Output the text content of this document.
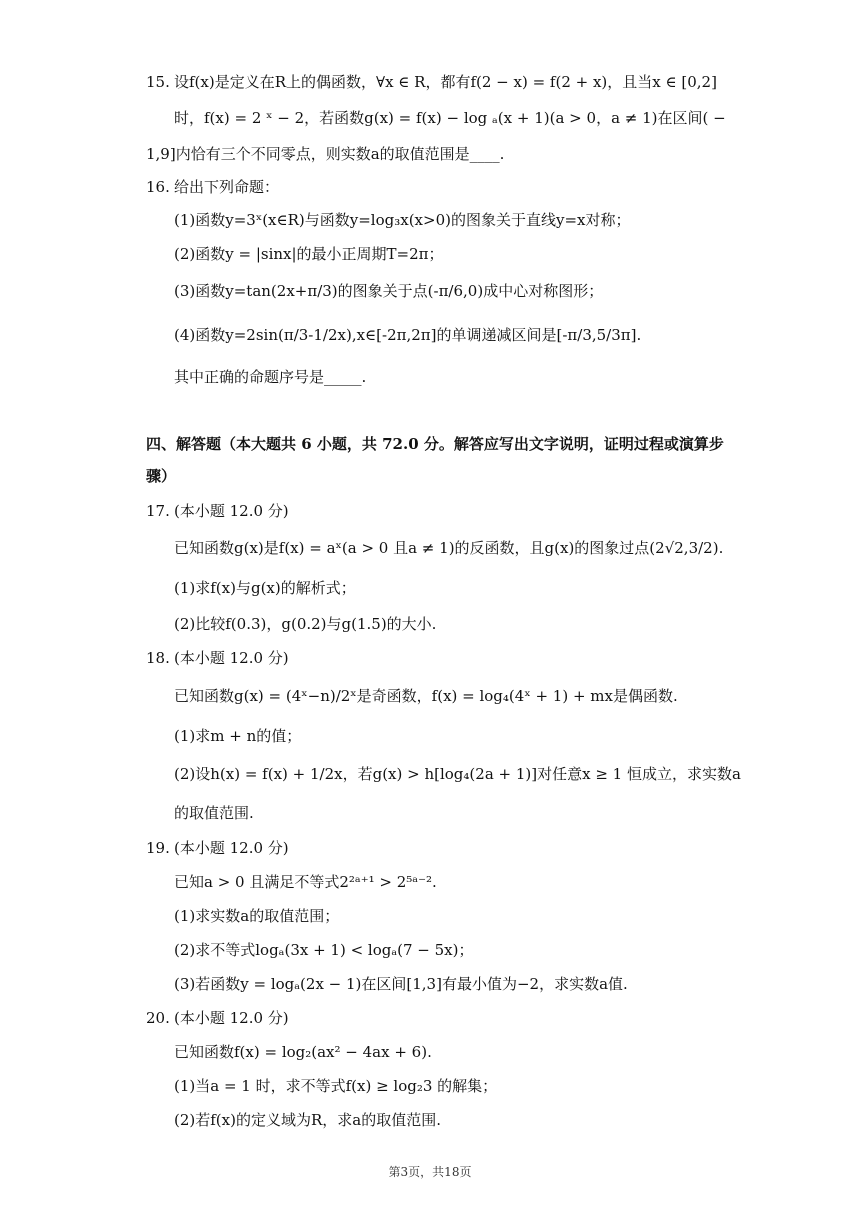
15. 设f(x)是定义在R上的偶函数，∀x ∈ R，都有f(2 − x) = f(2 + x)，且当x ∈ [0,2]
时，f(x) = 2 ˣ − 2，若函数g(x) = f(x) − log ₐ(x + 1)(a > 0，a ≠ 1)在区间( −
1,9]内恰有三个不同零点，则实数a的取值范围是____.
16. 给出下列命题：
(1)函数y=3ˣ(x∈R)与函数y=log₃x(x>0)的图象关于直线y=x对称；
(2)函数y = |sinx|的最小正周期T=2π；
(3)函数y=tan(2x+π/3)的图象关于点(-π/6,0)成中心对称图形；
(4)函数y=2sin(π/3-1/2x),x∈[-2π,2π]的单调递减区间是[-π/3,5/3π].
其中正确的命题序号是_____.
四、解答题（本大题共 6 小题，共 72.0 分。解答应写出文字说明，证明过程或演算步
骤）
17. (本小题 12.0 分)
已知函数g(x)是f(x) = aˣ(a > 0 且a ≠ 1)的反函数，且g(x)的图象过点(2√2,3/2).
(1)求f(x)与g(x)的解析式；
(2)比较f(0.3)，g(0.2)与g(1.5)的大小.
18. (本小题 12.0 分)
已知函数g(x) = (4ˣ−n)/2ˣ是奇函数，f(x) = log₄(4ˣ + 1) + mx是偶函数.
(1)求m + n的值；
(2)设h(x) = f(x) + 1/2x，若g(x) > h[log₄(2a + 1)]对任意x ≥ 1 恒成立，求实数a
的取值范围.
19. (本小题 12.0 分)
已知a > 0 且满足不等式2²ᵃ⁺¹ > 2⁵ᵃ⁻².
(1)求实数a的取值范围；
(2)求不等式logₐ(3x + 1) < logₐ(7 − 5x)；
(3)若函数y = logₐ(2x − 1)在区间[1,3]有最小值为−2，求实数a值.
20. (本小题 12.0 分)
已知函数f(x) = log₂(ax² − 4ax + 6).
(1)当a = 1 时，求不等式f(x) ≥ log₂3 的解集；
(2)若f(x)的定义域为R，求a的取值范围.
第3页，共18页
